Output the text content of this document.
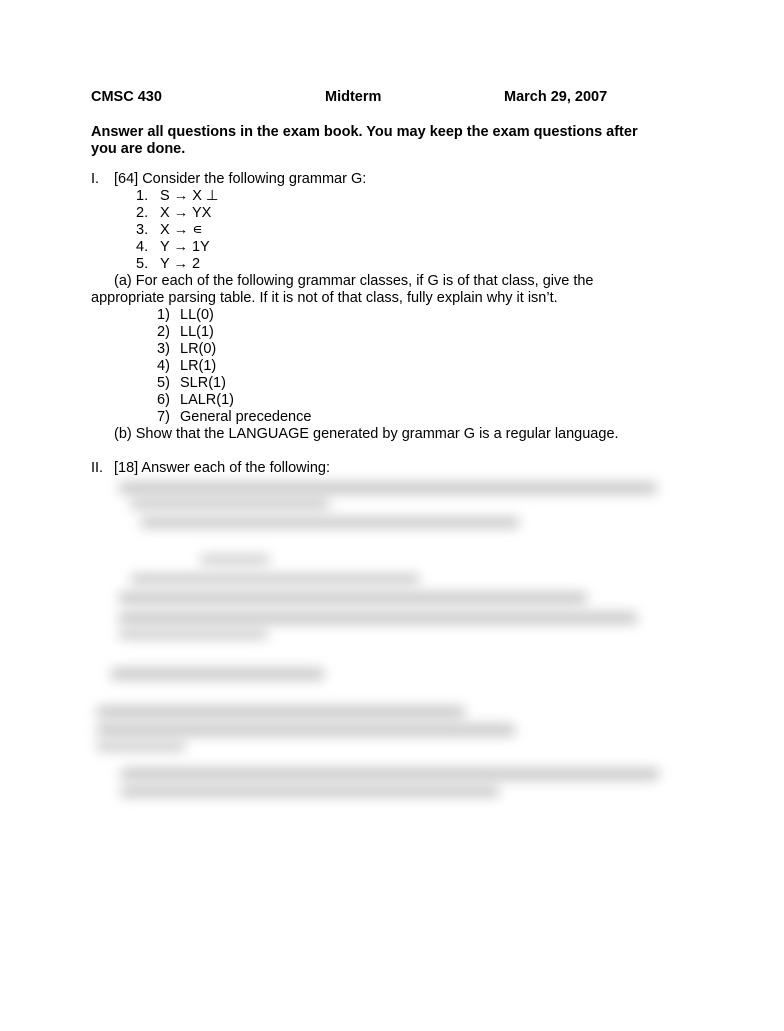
CMSC 430	Midterm	March 29, 2007
Answer all questions in the exam book. You may keep the exam questions after
you are done.
I. [64] Consider the following grammar G:
1. S → X ⊥
2. X → YX
3. X → ∊
4. Y → 1Y
5. Y → 2
(a) For each of the following grammar classes, if G is of that class, give the
appropriate parsing table. If it is not of that class, fully explain why it isn’t.
1) LL(0)
2) LL(1)
3) LR(0)
4) LR(1)
5) SLR(1)
6) LALR(1)
7) General precedence
(b) Show that the LANGUAGE generated by grammar G is a regular language.
II. [18] Answer each of the following:
